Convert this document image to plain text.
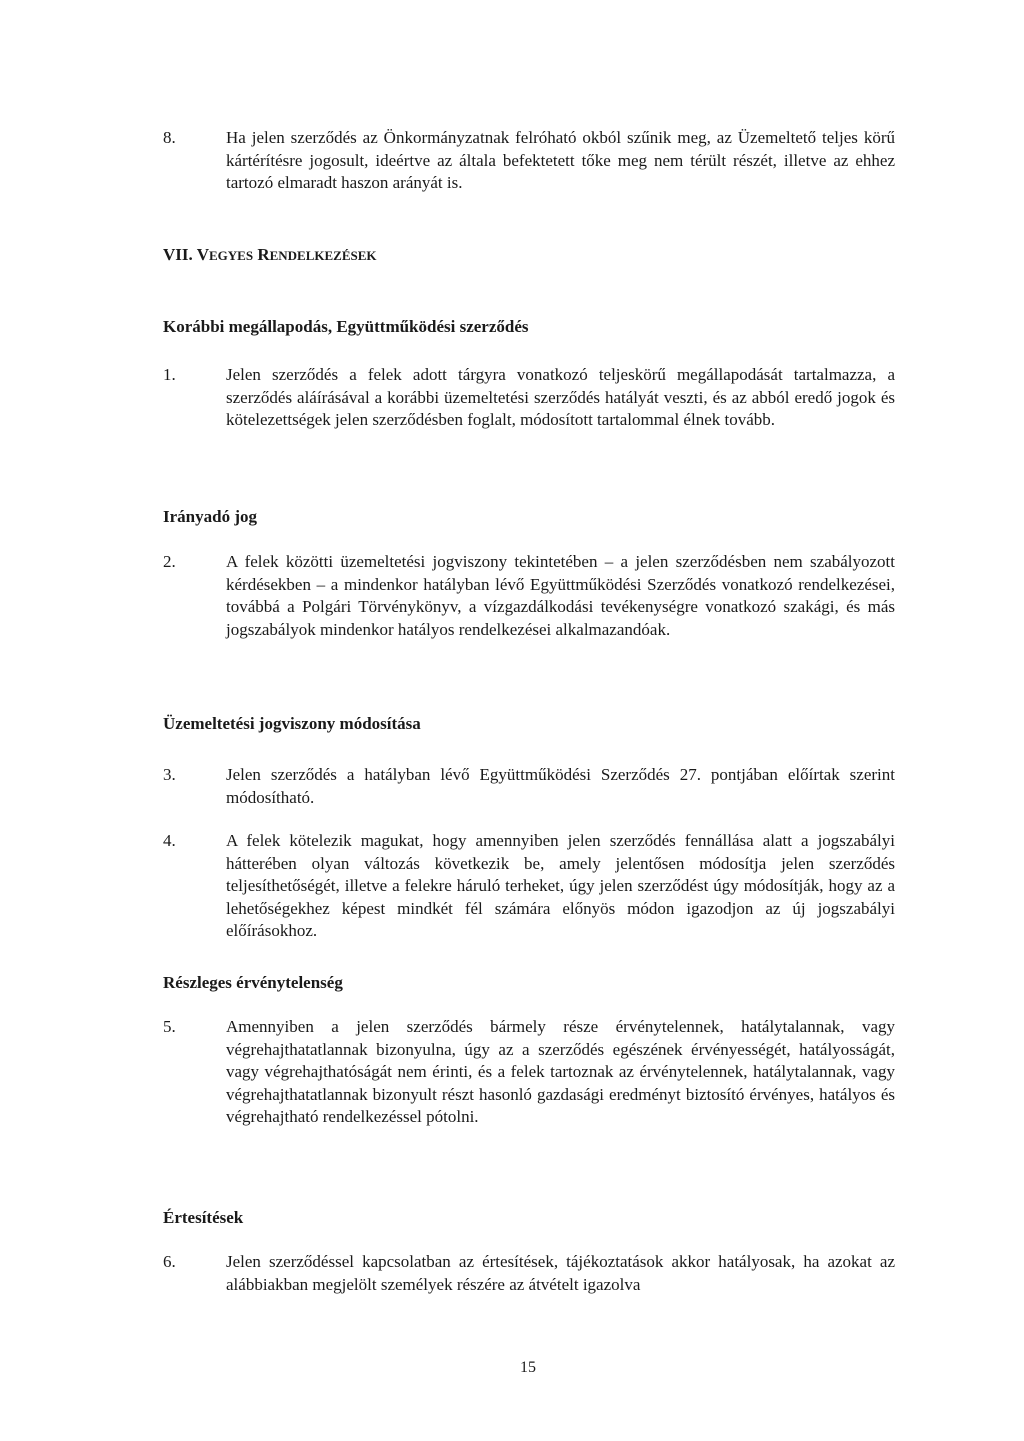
8.	Ha jelen szerződés az Önkormányzatnak felróható okból szűnik meg, az Üzemeltető teljes körű kártérítésre jogosult, ideértve az általa befektetett tőke meg nem térült részét, illetve az ehhez tartozó elmaradt haszon arányát is.
VII. VEGYES RENDELKEZÉSEK
Korábbi megállapodás, Együttműködési szerződés
1.	Jelen szerződés a felek adott tárgyra vonatkozó teljeskörű megállapodását tartalmazza, a szerződés aláírásával a korábbi üzemeltetési szerződés hatályát veszti, és az abból eredő jogok és kötelezettségek jelen szerződésben foglalt, módosított tartalommal élnek tovább.
Irányadó jog
2.	A felek közötti üzemeltetési jogviszony tekintetében – a jelen szerződésben nem szabályozott kérdésekben – a mindenkor hatályban lévő Együttműködési Szerződés vonatkozó rendelkezései, továbbá a Polgári Törvénykönyv, a vízgazdálkodási tevékenységre vonatkozó szakági, és más jogszabályok mindenkor hatályos rendelkezései alkalmazandóak.
Üzemeltetési jogviszony módosítása
3.	Jelen szerződés a hatályban lévő Együttműködési Szerződés 27. pontjában előírtak szerint módosítható.
4.	A felek kötelezik magukat, hogy amennyiben jelen szerződés fennállása alatt a jogszabályi hátterében olyan változás következik be, amely jelentősen módosítja jelen szerződés teljesíthetőségét, illetve a felekre háruló terheket, úgy jelen szerződést úgy módosítják, hogy az a lehetőségekhez képest mindkét fél számára előnyös módon igazodjon az új jogszabályi előírásokhoz.
Részleges érvénytelenség
5.	Amennyiben a jelen szerződés bármely része érvénytelennek, hatálytalannak, vagy végrehajthatatlannak bizonyulna, úgy az a szerződés egészének érvényességét, hatályosságát, vagy végrehajthatóságát nem érinti, és a felek tartoznak az érvénytelennek, hatálytalannak, vagy végrehajthatatlannak bizonyult részt hasonló gazdasági eredményt biztosító érvényes, hatályos és végrehajtható rendelkezéssel pótolni.
Értesítések
6.	Jelen szerződéssel kapcsolatban az értesítések, tájékoztatások akkor hatályosak, ha azokat az alábbiakban megjelölt személyek részére az átvételt igazolva
15
